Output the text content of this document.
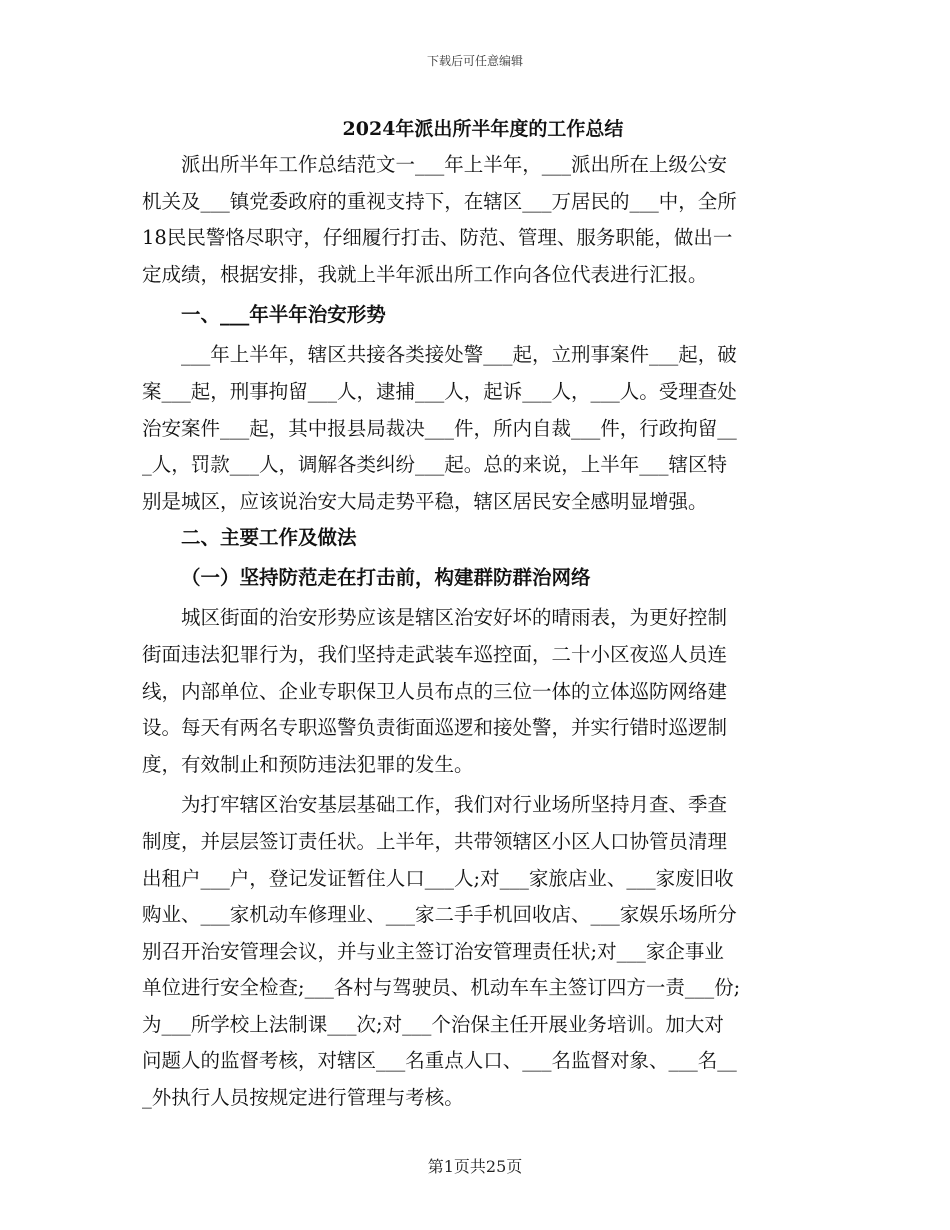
下载后可任意编辑
2024年派出所半年度的工作总结
派出所半年工作总结范文一___年上半年，___派出所在上级公安
机关及___镇党委政府的重视支持下，在辖区___万居民的___中，全所
18民民警恪尽职守，仔细履行打击、防范、管理、服务职能，做出一
定成绩，根据安排，我就上半年派出所工作向各位代表进行汇报。
一、___年半年治安形势
___年上半年，辖区共接各类接处警___起，立刑事案件___起，破
案___起，刑事拘留___人，逮捕___人，起诉___人，___人。受理查处
治安案件___起，其中报县局裁决___件，所内自裁___件，行政拘留__
_人，罚款___人，调解各类纠纷___起。总的来说，上半年___辖区特
别是城区，应该说治安大局走势平稳，辖区居民安全感明显增强。
二、主要工作及做法
（一）坚持防范走在打击前，构建群防群治网络
城区街面的治安形势应该是辖区治安好坏的晴雨表，为更好控制
街面违法犯罪行为，我们坚持走武装车巡控面，二十小区夜巡人员连
线，内部单位、企业专职保卫人员布点的三位一体的立体巡防网络建
设。每天有两名专职巡警负责街面巡逻和接处警，并实行错时巡逻制
度，有效制止和预防违法犯罪的发生。
为打牢辖区治安基层基础工作，我们对行业场所坚持月查、季查
制度，并层层签订责任状。上半年，共带领辖区小区人口协管员清理
出租户___户，登记发证暂住人口___人;对___家旅店业、___家废旧收
购业、___家机动车修理业、___家二手手机回收店、___家娱乐场所分
别召开治安管理会议，并与业主签订治安管理责任状;对___家企事业
单位进行安全检查;___各村与驾驶员、机动车车主签订四方一责___份;
为___所学校上法制课___次;对___个治保主任开展业务培训。加大对
问题人的监督考核，对辖区___名重点人口、___名监督对象、___名__
_外执行人员按规定进行管理与考核。
第1页共25页
